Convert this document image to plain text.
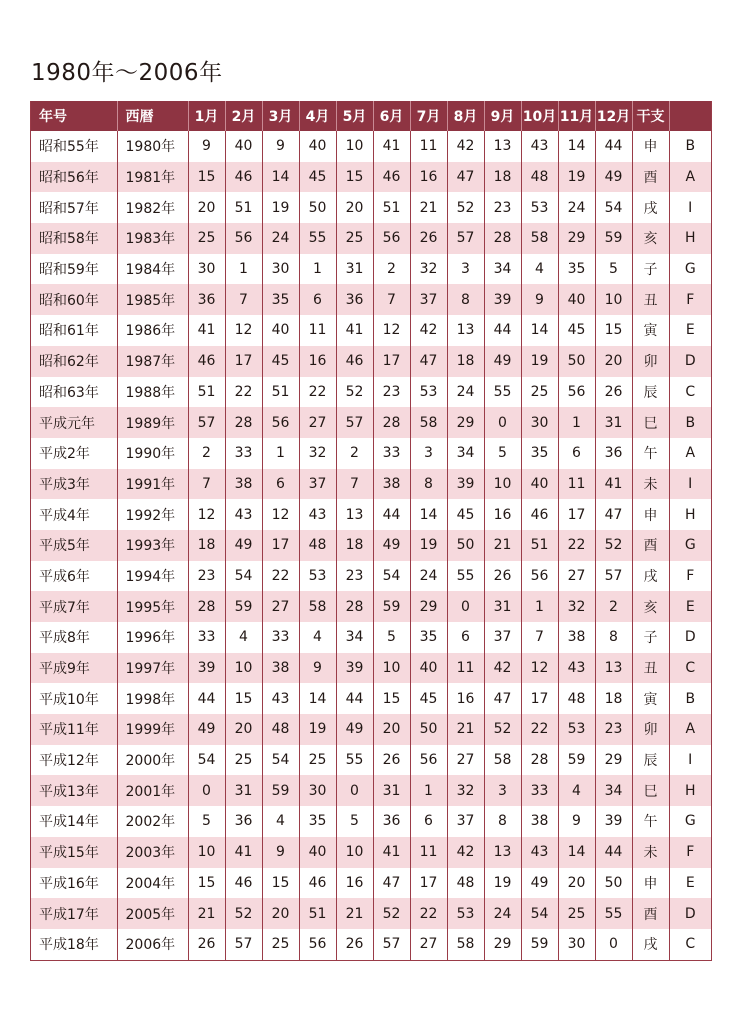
1980年～2006年
年号	西暦	1月	2月	3月	4月	5月	6月	7月	8月	9月	10月	11月	12月	干支	
昭和55年	1980年	9	40	9	40	10	41	11	42	13	43	14	44	申	B
昭和56年	1981年	15	46	14	45	15	46	16	47	18	48	19	49	酉	A
昭和57年	1982年	20	51	19	50	20	51	21	52	23	53	24	54	戌	I
昭和58年	1983年	25	56	24	55	25	56	26	57	28	58	29	59	亥	H
昭和59年	1984年	30	1	30	1	31	2	32	3	34	4	35	5	子	G
昭和60年	1985年	36	7	35	6	36	7	37	8	39	9	40	10	丑	F
昭和61年	1986年	41	12	40	11	41	12	42	13	44	14	45	15	寅	E
昭和62年	1987年	46	17	45	16	46	17	47	18	49	19	50	20	卯	D
昭和63年	1988年	51	22	51	22	52	23	53	24	55	25	56	26	辰	C
平成元年	1989年	57	28	56	27	57	28	58	29	0	30	1	31	巳	B
平成2年	1990年	2	33	1	32	2	33	3	34	5	35	6	36	午	A
平成3年	1991年	7	38	6	37	7	38	8	39	10	40	11	41	未	I
平成4年	1992年	12	43	12	43	13	44	14	45	16	46	17	47	申	H
平成5年	1993年	18	49	17	48	18	49	19	50	21	51	22	52	酉	G
平成6年	1994年	23	54	22	53	23	54	24	55	26	56	27	57	戌	F
平成7年	1995年	28	59	27	58	28	59	29	0	31	1	32	2	亥	E
平成8年	1996年	33	4	33	4	34	5	35	6	37	7	38	8	子	D
平成9年	1997年	39	10	38	9	39	10	40	11	42	12	43	13	丑	C
平成10年	1998年	44	15	43	14	44	15	45	16	47	17	48	18	寅	B
平成11年	1999年	49	20	48	19	49	20	50	21	52	22	53	23	卯	A
平成12年	2000年	54	25	54	25	55	26	56	27	58	28	59	29	辰	I
平成13年	2001年	0	31	59	30	0	31	1	32	3	33	4	34	巳	H
平成14年	2002年	5	36	4	35	5	36	6	37	8	38	9	39	午	G
平成15年	2003年	10	41	9	40	10	41	11	42	13	43	14	44	未	F
平成16年	2004年	15	46	15	46	16	47	17	48	19	49	20	50	申	E
平成17年	2005年	21	52	20	51	21	52	22	53	24	54	25	55	酉	D
平成18年	2006年	26	57	25	56	26	57	27	58	29	59	30	0	戌	C
